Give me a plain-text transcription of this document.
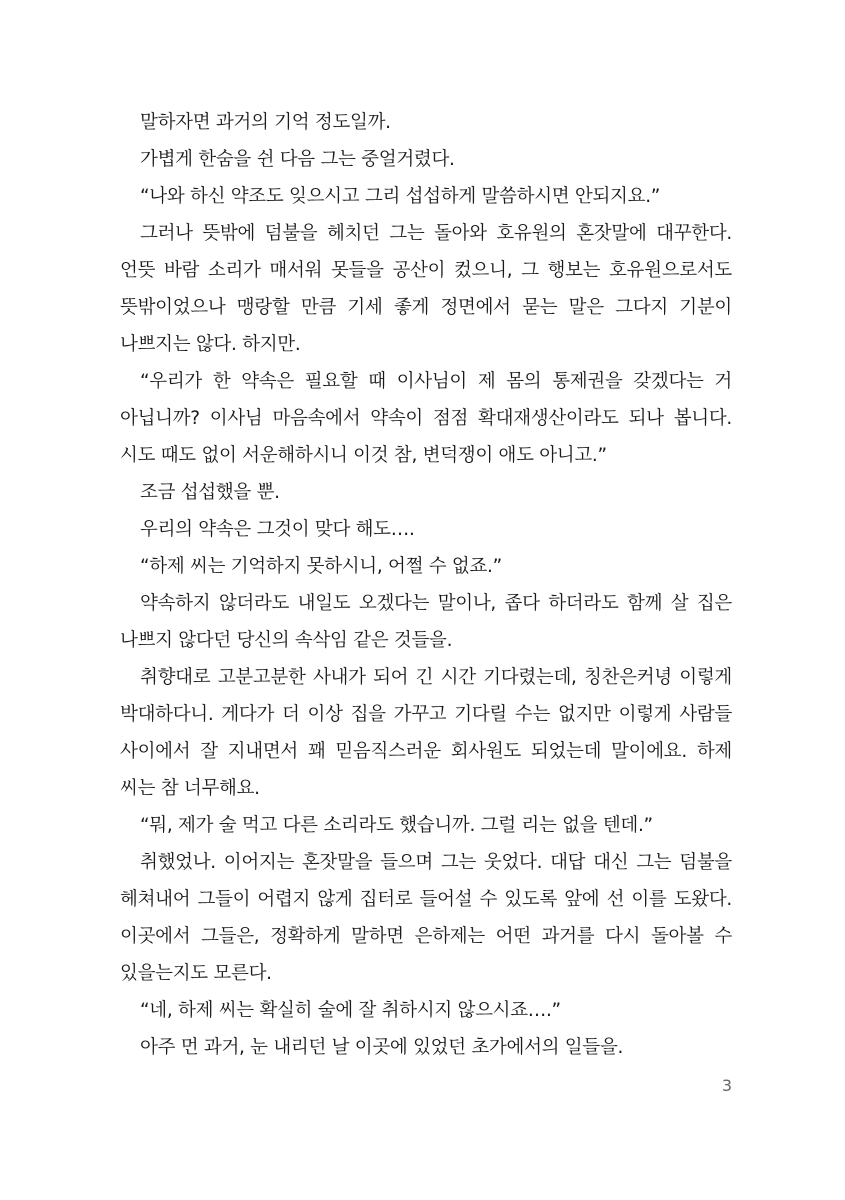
말하자면 과거의 기억 정도일까.

가볍게 한숨을 쉰 다음 그는 중얼거렸다.

“나와 하신 약조도 잊으시고 그리 섭섭하게 말씀하시면 안되지요.”

그러나 뜻밖에 덤불을 헤치던 그는 돌아와 호유원의 혼잣말에 대꾸한다. 언뜻 바람 소리가 매서워 못들을 공산이 컸으니, 그 행보는 호유원으로서도 뜻밖이었으나 맹랑할 만큼 기세 좋게 정면에서 묻는 말은 그다지 기분이 나쁘지는 않다. 하지만.

“우리가 한 약속은 필요할 때 이사님이 제 몸의 통제권을 갖겠다는 거 아닙니까? 이사님 마음속에서 약속이 점점 확대재생산이라도 되나 봅니다. 시도 때도 없이 서운해하시니 이것 참, 변덕쟁이 애도 아니고.”

조금 섭섭했을 뿐.

우리의 약속은 그것이 맞다 해도….

“하제 씨는 기억하지 못하시니, 어쩔 수 없죠.”

약속하지 않더라도 내일도 오겠다는 말이나, 좁다 하더라도 함께 살 집은 나쁘지 않다던 당신의 속삭임 같은 것들을.

취향대로 고분고분한 사내가 되어 긴 시간 기다렸는데, 칭찬은커녕 이렇게 박대하다니. 게다가 더 이상 집을 가꾸고 기다릴 수는 없지만 이렇게 사람들 사이에서 잘 지내면서 꽤 믿음직스러운 회사원도 되었는데 말이에요. 하제 씨는 참 너무해요.

“뭐, 제가 술 먹고 다른 소리라도 했습니까. 그럴 리는 없을 텐데.”

취했었나. 이어지는 혼잣말을 들으며 그는 웃었다. 대답 대신 그는 덤불을 헤쳐내어 그들이 어렵지 않게 집터로 들어설 수 있도록 앞에 선 이를 도왔다. 이곳에서 그들은, 정확하게 말하면 은하제는 어떤 과거를 다시 돌아볼 수 있을는지도 모른다.

“네, 하제 씨는 확실히 술에 잘 취하시지 않으시죠….”

아주 먼 과거, 눈 내리던 날 이곳에 있었던 초가에서의 일들을.

3
